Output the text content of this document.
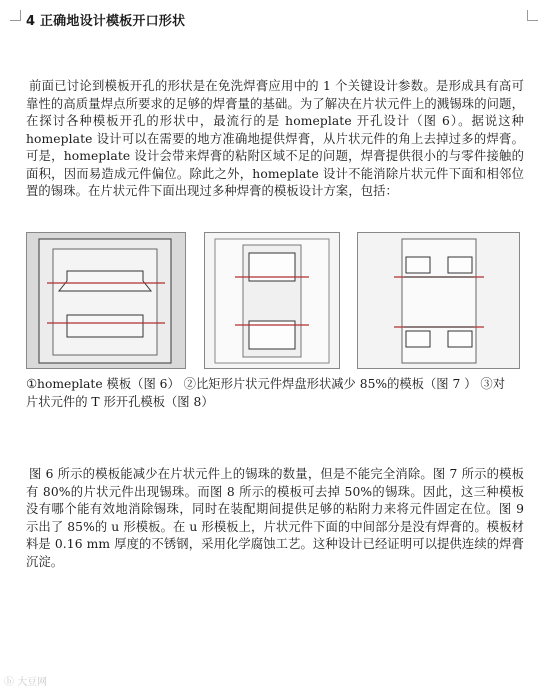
4 正确地设计模板开口形状
前面已讨论到模板开孔的形状是在免洗焊膏应用中的 1 个关键设计参数。是形成具有高可靠性的高质量焊点所要求的足够的焊膏量的基础。为了解决在片状元件上的溅锡珠的问题，在探讨各种模板开孔的形状中，最流行的是 homeplate 开孔设计（图 6）。据说这种 homeplate 设计可以在需要的地方准确地提供焊膏，从片状元件的角上去掉过多的焊膏。可是，homeplate 设计会带来焊膏的粘附区域不足的问题，焊膏提供很小的与零件接触的面积，因而易造成元件偏位。除此之外，homeplate 设计不能消除片状元件下面和相邻位置的锡珠。在片状元件下面出现过多种焊膏的模板设计方案，包括：
①homeplate 模板（图 6） ②比矩形片状元件焊盘形状减少 85%的模板（图 7 ） ③对片状元件的 T 形开孔模板（图 8）
图 6 所示的模板能减少在片状元件上的锡珠的数量，但是不能完全消除。图 7 所示的模板有 80%的片状元件出现锡珠。而图 8 所示的模板可去掉 50%的锡珠。因此，这三种模板没有哪个能有效地消除锡珠，同时在装配期间提供足够的粘附力来将元件固定在位。图 9 示出了 85%的 u 形模板。在 u 形模板上，片状元件下面的中间部分是没有焊膏的。模板材料是 0.16 mm 厚度的不锈钢，采用化学腐蚀工艺。这种设计已经证明可以提供连续的焊膏沉淀。
ⓑ 大豆网
